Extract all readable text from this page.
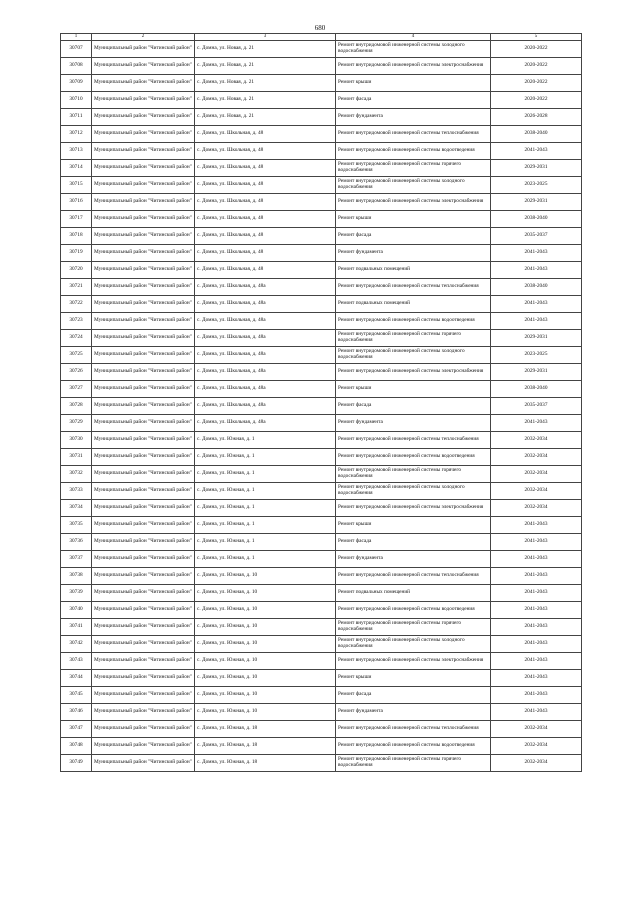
680
1	2	3	4	5
30707	Муниципальный район "Читинский район"	с. Домна, ул. Новая, д. 21	Ремонт внутридомовой инженерной системы холодного водоснабжения	2020-2022
30708	Муниципальный район "Читинский район"	с. Домна, ул. Новая, д. 21	Ремонт внутридомовой инженерной системы электроснабжения	2020-2022
30709	Муниципальный район "Читинский район"	с. Домна, ул. Новая, д. 21	Ремонт крыши	2020-2022
30710	Муниципальный район "Читинский район"	с. Домна, ул. Новая, д. 21	Ремонт фасада	2020-2022
30711	Муниципальный район "Читинский район"	с. Домна, ул. Новая, д. 21	Ремонт фундамента	2026-2028
30712	Муниципальный район "Читинский район"	с. Домна, ул. Школьная, д. 48	Ремонт внутридомовой инженерной системы теплоснабжения	2038-2040
30713	Муниципальный район "Читинский район"	с. Домна, ул. Школьная, д. 48	Ремонт внутридомовой инженерной системы водоотведения	2041-2043
30714	Муниципальный район "Читинский район"	с. Домна, ул. Школьная, д. 48	Ремонт внутридомовой инженерной системы горячего водоснабжения	2029-2031
30715	Муниципальный район "Читинский район"	с. Домна, ул. Школьная, д. 48	Ремонт внутридомовой инженерной системы холодного водоснабжения	2023-2025
30716	Муниципальный район "Читинский район"	с. Домна, ул. Школьная, д. 48	Ремонт внутридомовой инженерной системы электроснабжения	2029-2031
30717	Муниципальный район "Читинский район"	с. Домна, ул. Школьная, д. 48	Ремонт крыши	2038-2040
30718	Муниципальный район "Читинский район"	с. Домна, ул. Школьная, д. 48	Ремонт фасада	2035-2037
30719	Муниципальный район "Читинский район"	с. Домна, ул. Школьная, д. 48	Ремонт фундамента	2041-2043
30720	Муниципальный район "Читинский район"	с. Домна, ул. Школьная, д. 48	Ремонт подвальных помещений	2041-2043
30721	Муниципальный район "Читинский район"	с. Домна, ул. Школьная, д. 48а	Ремонт внутридомовой инженерной системы теплоснабжения	2038-2040
30722	Муниципальный район "Читинский район"	с. Домна, ул. Школьная, д. 48а	Ремонт подвальных помещений	2041-2043
30723	Муниципальный район "Читинский район"	с. Домна, ул. Школьная, д. 48а	Ремонт внутридомовой инженерной системы водоотведения	2041-2043
30724	Муниципальный район "Читинский район"	с. Домна, ул. Школьная, д. 48а	Ремонт внутридомовой инженерной системы горячего водоснабжения	2029-2031
30725	Муниципальный район "Читинский район"	с. Домна, ул. Школьная, д. 48а	Ремонт внутридомовой инженерной системы холодного водоснабжения	2023-2025
30726	Муниципальный район "Читинский район"	с. Домна, ул. Школьная, д. 48а	Ремонт внутридомовой инженерной системы электроснабжения	2029-2031
30727	Муниципальный район "Читинский район"	с. Домна, ул. Школьная, д. 48а	Ремонт крыши	2038-2040
30728	Муниципальный район "Читинский район"	с. Домна, ул. Школьная, д. 48а	Ремонт фасада	2035-2037
30729	Муниципальный район "Читинский район"	с. Домна, ул. Школьная, д. 48а	Ремонт фундамента	2041-2043
30730	Муниципальный район "Читинский район"	с. Домна, ул. Южная, д. 1	Ремонт внутридомовой инженерной системы теплоснабжения	2032-2034
30731	Муниципальный район "Читинский район"	с. Домна, ул. Южная, д. 1	Ремонт внутридомовой инженерной системы водоотведения	2032-2034
30732	Муниципальный район "Читинский район"	с. Домна, ул. Южная, д. 1	Ремонт внутридомовой инженерной системы горячего водоснабжения	2032-2034
30733	Муниципальный район "Читинский район"	с. Домна, ул. Южная, д. 1	Ремонт внутридомовой инженерной системы холодного водоснабжения	2032-2034
30734	Муниципальный район "Читинский район"	с. Домна, ул. Южная, д. 1	Ремонт внутридомовой инженерной системы электроснабжения	2032-2034
30735	Муниципальный район "Читинский район"	с. Домна, ул. Южная, д. 1	Ремонт крыши	2041-2043
30736	Муниципальный район "Читинский район"	с. Домна, ул. Южная, д. 1	Ремонт фасада	2041-2043
30737	Муниципальный район "Читинский район"	с. Домна, ул. Южная, д. 1	Ремонт фундамента	2041-2043
30738	Муниципальный район "Читинский район"	с. Домна, ул. Южная, д. 10	Ремонт внутридомовой инженерной системы теплоснабжения	2041-2043
30739	Муниципальный район "Читинский район"	с. Домна, ул. Южная, д. 10	Ремонт подвальных помещений	2041-2043
30740	Муниципальный район "Читинский район"	с. Домна, ул. Южная, д. 10	Ремонт внутридомовой инженерной системы водоотведения	2041-2043
30741	Муниципальный район "Читинский район"	с. Домна, ул. Южная, д. 10	Ремонт внутридомовой инженерной системы горячего водоснабжения	2041-2043
30742	Муниципальный район "Читинский район"	с. Домна, ул. Южная, д. 10	Ремонт внутридомовой инженерной системы холодного водоснабжения	2041-2043
30743	Муниципальный район "Читинский район"	с. Домна, ул. Южная, д. 10	Ремонт внутридомовой инженерной системы электроснабжения	2041-2043
30744	Муниципальный район "Читинский район"	с. Домна, ул. Южная, д. 10	Ремонт крыши	2041-2043
30745	Муниципальный район "Читинский район"	с. Домна, ул. Южная, д. 10	Ремонт фасада	2041-2043
30746	Муниципальный район "Читинский район"	с. Домна, ул. Южная, д. 10	Ремонт фундамента	2041-2043
30747	Муниципальный район "Читинский район"	с. Домна, ул. Южная, д. 18	Ремонт внутридомовой инженерной системы теплоснабжения	2032-2034
30748	Муниципальный район "Читинский район"	с. Домна, ул. Южная, д. 18	Ремонт внутридомовой инженерной системы водоотведения	2032-2034
30749	Муниципальный район "Читинский район"	с. Домна, ул. Южная, д. 18	Ремонт внутридомовой инженерной системы горячего водоснабжения	2032-2034
